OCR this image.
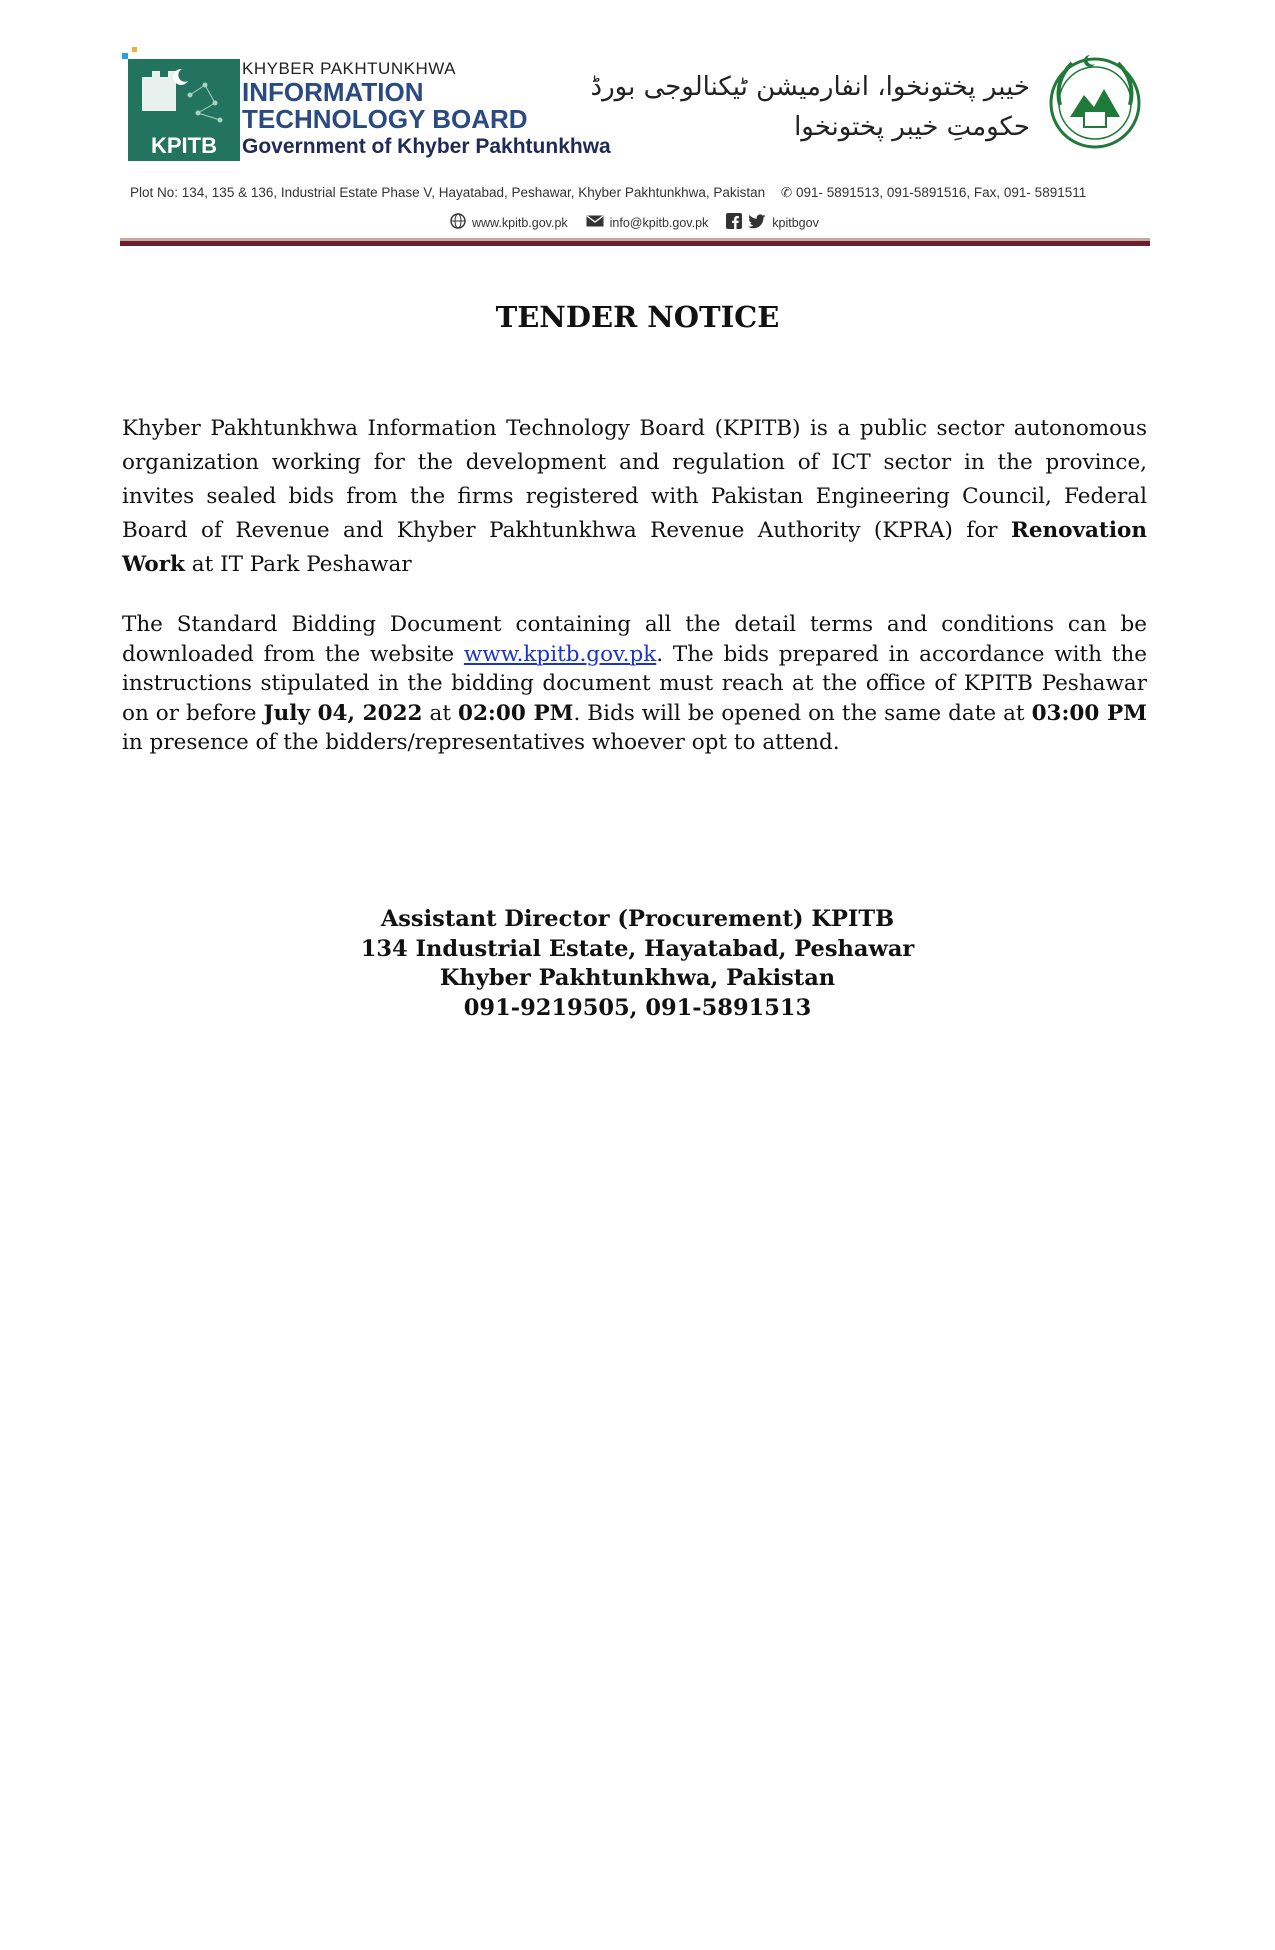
KPITB
KHYBER PAKHTUNKHWA
INFORMATION
TECHNOLOGY BOARD
Government of Khyber Pakhtunkhwa
خیبر پختونخوا، انفارمیشن ٹیکنالوجی بورڈ
حکومتِ خیبر پختونخوا
Plot No: 134, 135 & 136, Industrial Estate Phase V, Hayatabad, Peshawar, Khyber Pakhtunkhwa, Pakistan ✆ 091- 5891513, 091-5891516, Fax, 091- 5891511
www.kpitb.gov.pk	info@kpitb.gov.pk	kpitbgov
TENDER NOTICE
Khyber Pakhtunkhwa Information Technology Board (KPITB) is a public sector autonomous organization working for the development and regulation of ICT sector in the province, invites sealed bids from the firms registered with Pakistan Engineering Council, Federal Board of Revenue and Khyber Pakhtunkhwa Revenue Authority (KPRA) for Renovation Work at IT Park Peshawar
The Standard Bidding Document containing all the detail terms and conditions can be downloaded from the website www.kpitb.gov.pk. The bids prepared in accordance with the instructions stipulated in the bidding document must reach at the office of KPITB Peshawar on or before July 04, 2022 at 02:00 PM. Bids will be opened on the same date at 03:00 PM in presence of the bidders/representatives whoever opt to attend.
Assistant Director (Procurement) KPITB
134 Industrial Estate, Hayatabad, Peshawar
Khyber Pakhtunkhwa, Pakistan
091-9219505, 091-5891513
